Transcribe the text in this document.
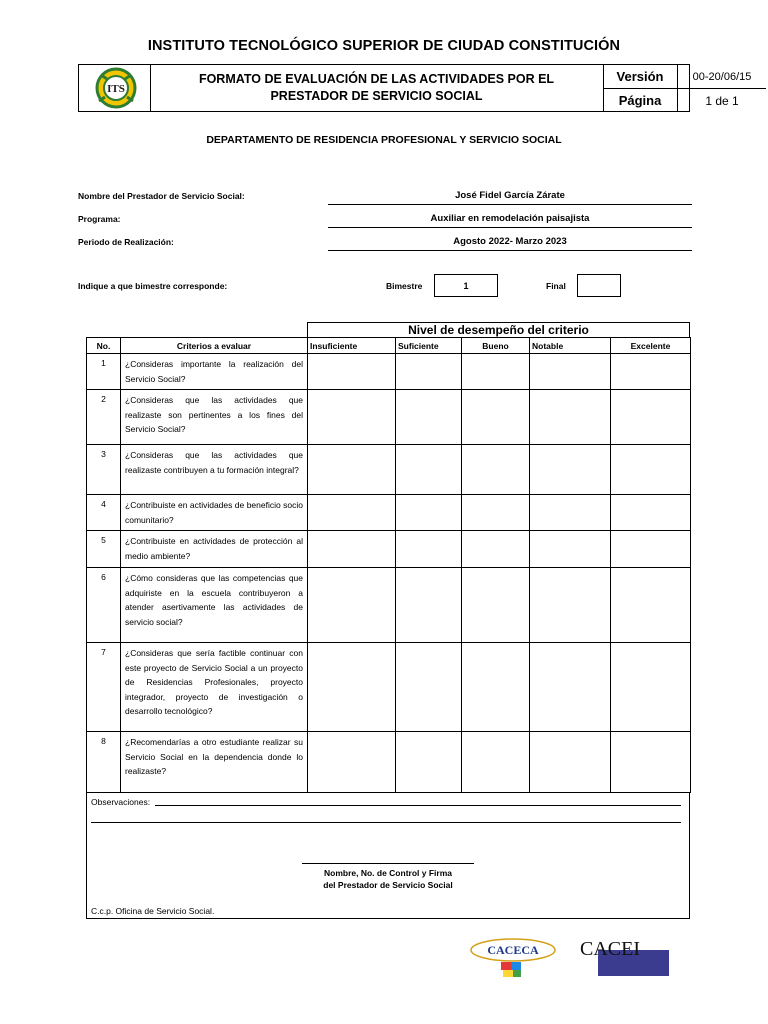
INSTITUTO TECNOLÓGICO SUPERIOR DE CIUDAD CONSTITUCIÓN
ITS
FORMATO DE EVALUACIÓN DE LAS ACTIVIDADES POR EL
PRESTADOR DE SERVICIO SOCIAL
Versión	00-20/06/15
Página	1 de 1
DEPARTAMENTO DE RESIDENCIA PROFESIONAL Y SERVICIO SOCIAL
Nombre del Prestador de Servicio Social:	José Fidel García Zárate
Programa:	Auxiliar en remodelación paisajista
Periodo de Realización:	Agosto 2022- Marzo 2023
Indique a que bimestre corresponde:	Bimestre	1	Final
Nivel de desempeño del criterio
No.	Criterios a evaluar	Insuficiente	Suficiente	Bueno	Notable	Excelente
1	¿Consideras importante la realización del Servicio Social?					
2	¿Consideras que las actividades que realizaste son pertinentes a los fines del Servicio Social?					
3	¿Consideras que las actividades que realizaste contribuyen a tu formación integral?					
4	¿Contribuiste en actividades de beneficio socio comunitario?					
5	¿Contribuiste en actividades de protección al medio ambiente?					
6	¿Cómo consideras que las competencias que adquiriste en la escuela contribuyeron a atender asertivamente las actividades de servicio social?					
7	¿Consideras que sería factible continuar con este proyecto de Servicio Social a un proyecto de Residencias Profesionales, proyecto integrador, proyecto de investigación o desarrollo tecnológico?					
8	¿Recomendarías a otro estudiante realizar su Servicio Social en la dependencia donde lo realizaste?					
Observaciones:
Nombre, No. de Control y Firma
del Prestador de Servicio Social
C.c.p. Oficina de Servicio Social.
CACECA CACEI
